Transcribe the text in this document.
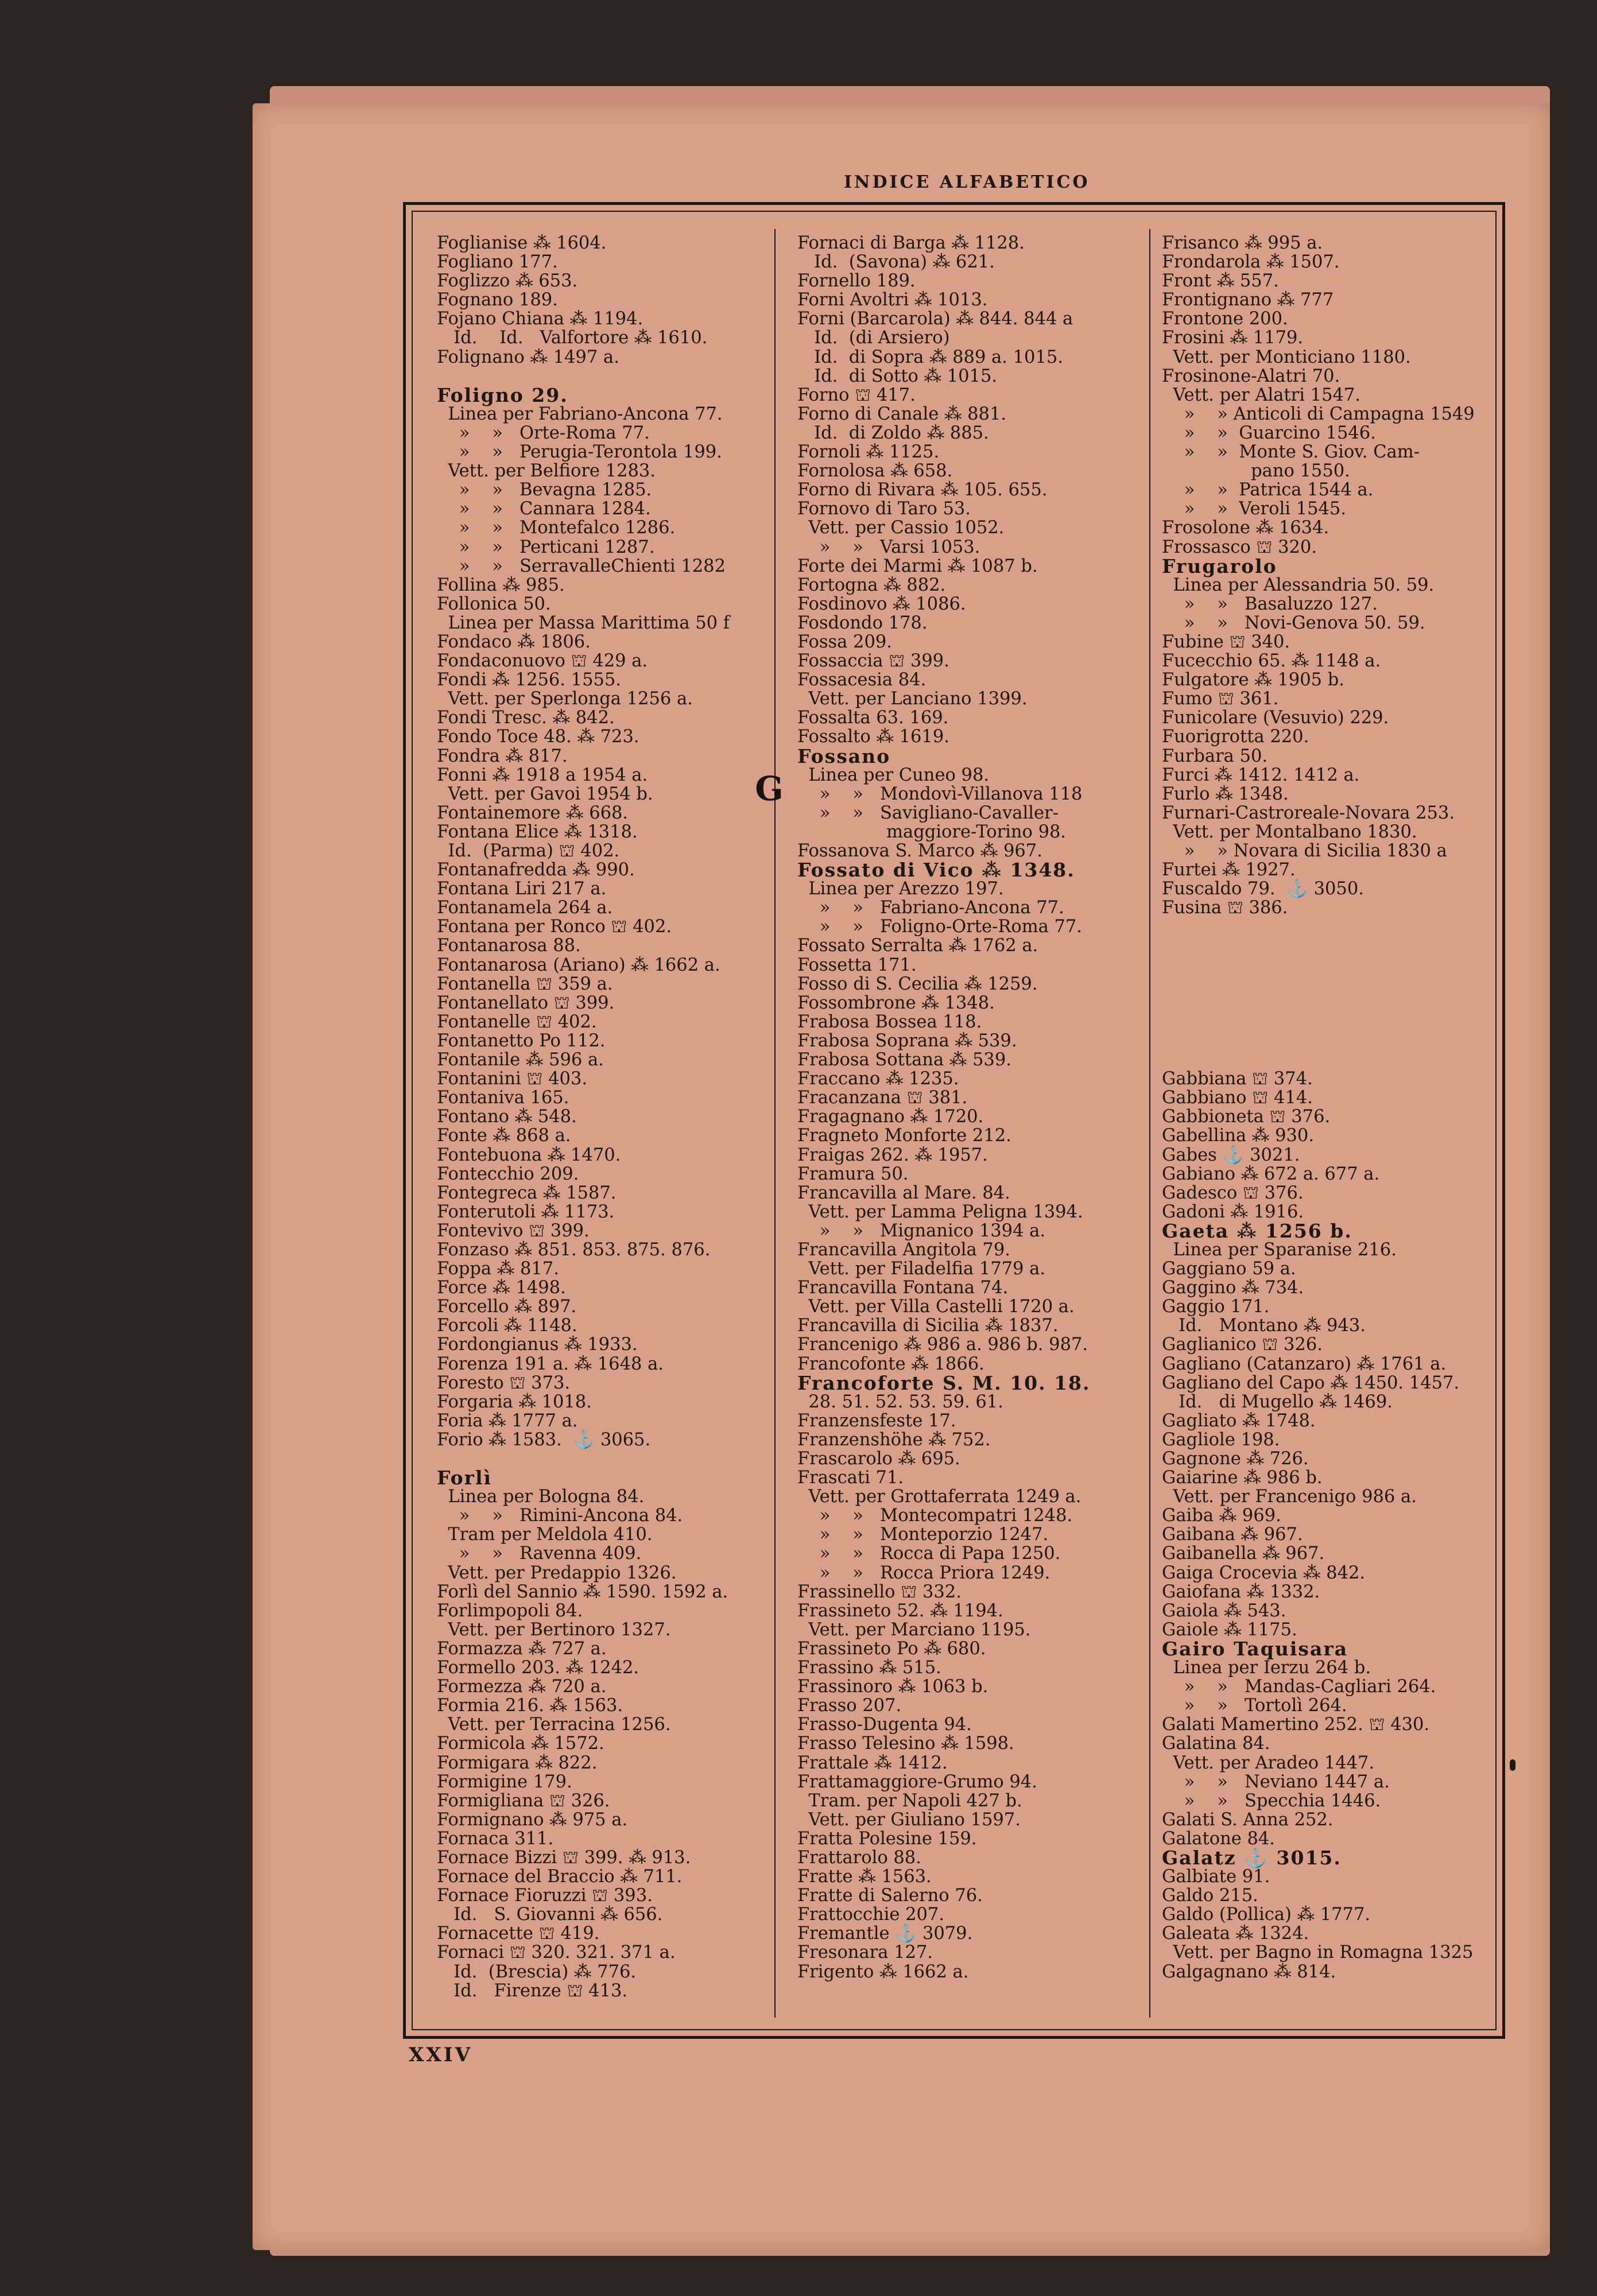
INDICE ALFABETICO
Foglianise ⁂ 1604.
Fogliano 177.
Foglizzo ⁂ 653.
Fognano 189.
Fojano Chiana ⁂ 1194.
Id.    Id.   Valfortore ⁂ 1610.
Folignano ⁂ 1497 a.
Foligno 29.
Linea per Fabriano-Ancona 77.
»    »   Orte-Roma 77.
»    »   Perugia-Terontola 199.
Vett. per Belfiore 1283.
»    »   Bevagna 1285.
»    »   Cannara 1284.
»    »   Montefalco 1286.
»    »   Perticani 1287.
»    »   SerravalleChienti 1282
Follina ⁂ 985.
Follonica 50.
Linea per Massa Marittima 50 f
Fondaco ⁂ 1806.
Fondaconuovo ⛫ 429 a.
Fondi ⁂ 1256. 1555.
Vett. per Sperlonga 1256 a.
Fondi Tresc. ⁂ 842.
Fondo Toce 48. ⁂ 723.
Fondra ⁂ 817.
Fonni ⁂ 1918 a 1954 a.
Vett. per Gavoi 1954 b.
Fontainemore ⁂ 668.
Fontana Elice ⁂ 1318.
Id.  (Parma) ⛫ 402.
Fontanafredda ⁂ 990.
Fontana Liri 217 a.
Fontanamela 264 a.
Fontana per Ronco ⛫ 402.
Fontanarosa 88.
Fontanarosa (Ariano) ⁂ 1662 a.
Fontanella ⛫ 359 a.
Fontanellato ⛫ 399.
Fontanelle ⛫ 402.
Fontanetto Po 112.
Fontanile ⁂ 596 a.
Fontanini ⛫ 403.
Fontaniva 165.
Fontano ⁂ 548.
Fonte ⁂ 868 a.
Fontebuona ⁂ 1470.
Fontecchio 209.
Fontegreca ⁂ 1587.
Fonterutoli ⁂ 1173.
Fontevivo ⛫ 399.
Fonzaso ⁂ 851. 853. 875. 876.
Foppa ⁂ 817.
Force ⁂ 1498.
Forcello ⁂ 897.
Forcoli ⁂ 1148.
Fordongianus ⁂ 1933.
Forenza 191 a. ⁂ 1648 a.
Foresto ⛫ 373.
Forgaria ⁂ 1018.
Foria ⁂ 1777 a.
Forio ⁂ 1583.  ⚓ 3065.
Forlì
Linea per Bologna 84.
»    »   Rimini-Ancona 84.
Tram per Meldola 410.
»    »   Ravenna 409.
Vett. per Predappio 1326.
Forlì del Sannio ⁂ 1590. 1592 a.
Forlimpopoli 84.
Vett. per Bertinoro 1327.
Formazza ⁂ 727 a.
Formello 203. ⁂ 1242.
Formezza ⁂ 720 a.
Formia 216. ⁂ 1563.
Vett. per Terracina 1256.
Formicola ⁂ 1572.
Formigara ⁂ 822.
Formigine 179.
Formigliana ⛫ 326.
Formignano ⁂ 975 a.
Fornaca 311.
Fornace Bizzi ⛫ 399. ⁂ 913.
Fornace del Braccio ⁂ 711.
Fornace Fioruzzi ⛫ 393.
Id.   S. Giovanni ⁂ 656.
Fornacette ⛫ 419.
Fornaci ⛫ 320. 321. 371 a.
Id.  (Brescia) ⁂ 776.
Id.   Firenze ⛫ 413.
Fornaci di Barga ⁂ 1128.
Id.  (Savona) ⁂ 621.
Fornello 189.
Forni Avoltri ⁂ 1013.
Forni (Barcarola) ⁂ 844. 844 a
Id.  (di Arsiero)
Id.  di Sopra ⁂ 889 a. 1015.
Id.  di Sotto ⁂ 1015.
Forno ⛫ 417.
Forno di Canale ⁂ 881.
Id.  di Zoldo ⁂ 885.
Fornoli ⁂ 1125.
Fornolosa ⁂ 658.
Forno di Rivara ⁂ 105. 655.
Fornovo di Taro 53.
Vett. per Cassio 1052.
»    »   Varsi 1053.
Forte dei Marmi ⁂ 1087 b.
Fortogna ⁂ 882.
Fosdinovo ⁂ 1086.
Fosdondo 178.
Fossa 209.
Fossaccia ⛫ 399.
Fossacesia 84.
Vett. per Lanciano 1399.
Fossalta 63. 169.
Fossalto ⁂ 1619.
Fossano
Linea per Cuneo 98.
»    »   Mondovì-Villanova 118
»    »   Savigliano-Cavaller-
maggiore-Torino 98.
Fossanova S. Marco ⁂ 967.
Fossato di Vico ⁂ 1348.
Linea per Arezzo 197.
»    »   Fabriano-Ancona 77.
»    »   Foligno-Orte-Roma 77.
Fossato Serralta ⁂ 1762 a.
Fossetta 171.
Fosso di S. Cecilia ⁂ 1259.
Fossombrone ⁂ 1348.
Frabosa Bossea 118.
Frabosa Soprana ⁂ 539.
Frabosa Sottana ⁂ 539.
Fraccano ⁂ 1235.
Fracanzana ⛫ 381.
Fragagnano ⁂ 1720.
Fragneto Monforte 212.
Fraigas 262. ⁂ 1957.
Framura 50.
Francavilla al Mare. 84.
Vett. per Lamma Peligna 1394.
»    »   Mignanico 1394 a.
Francavilla Angitola 79.
Vett. per Filadelfia 1779 a.
Francavilla Fontana 74.
Vett. per Villa Castelli 1720 a.
Francavilla di Sicilia ⁂ 1837.
Francenigo ⁂ 986 a. 986 b. 987.
Francofonte ⁂ 1866.
Francoforte S. M. 10. 18.
28. 51. 52. 53. 59. 61.
Franzensfeste 17.
Franzenshöhe ⁂ 752.
Frascarolo ⁂ 695.
Frascati 71.
Vett. per Grottaferrata 1249 a.
»    »   Montecompatri 1248.
»    »   Monteporzio 1247.
»    »   Rocca di Papa 1250.
»    »   Rocca Priora 1249.
Frassinello ⛫ 332.
Frassineto 52. ⁂ 1194.
Vett. per Marciano 1195.
Frassineto Po ⁂ 680.
Frassino ⁂ 515.
Frassinoro ⁂ 1063 b.
Frasso 207.
Frasso-Dugenta 94.
Frasso Telesino ⁂ 1598.
Frattale ⁂ 1412.
Frattamaggiore-Grumo 94.
Tram. per Napoli 427 b.
Vett. per Giuliano 1597.
Fratta Polesine 159.
Frattarolo 88.
Fratte ⁂ 1563.
Fratte di Salerno 76.
Frattocchie 207.
Fremantle ⚓ 3079.
Fresonara 127.
Frigento ⁂ 1662 a.
Frisanco ⁂ 995 a.
Frondarola ⁂ 1507.
Front ⁂ 557.
Frontignano ⁂ 777
Frontone 200.
Frosini ⁂ 1179.
Vett. per Monticiano 1180.
Frosinone-Alatri 70.
Vett. per Alatri 1547.
»    » Anticoli di Campagna 1549
»    »  Guarcino 1546.
»    »  Monte S. Giov. Cam-
pano 1550.
»    »  Patrica 1544 a.
»    »  Veroli 1545.
Frosolone ⁂ 1634.
Frossasco ⛫ 320.
Frugarolo
Linea per Alessandria 50. 59.
»    »   Basaluzzo 127.
»    »   Novi-Genova 50. 59.
Fubine ⛫ 340.
Fucecchio 65. ⁂ 1148 a.
Fulgatore ⁂ 1905 b.
Fumo ⛫ 361.
Funicolare (Vesuvio) 229.
Fuorigrotta 220.
Furbara 50.
Furci ⁂ 1412. 1412 a.
Furlo ⁂ 1348.
Furnari-Castroreale-Novara 253.
Vett. per Montalbano 1830.
»    » Novara di Sicilia 1830 a
Furtei ⁂ 1927.
Fuscaldo 79.  ⚓ 3050.
Fusina ⛫ 386.
Gabbiana ⛫ 374.
Gabbiano ⛫ 414.
Gabbioneta ⛫ 376.
Gabellina ⁂ 930.
Gabes ⚓ 3021.
Gabiano ⁂ 672 a. 677 a.
Gadesco ⛫ 376.
Gadoni ⁂ 1916.
Gaeta ⁂ 1256 b.
Linea per Sparanise 216.
Gaggiano 59 a.
Gaggino ⁂ 734.
Gaggio 171.
Id.   Montano ⁂ 943.
Gaglianico ⛫ 326.
Gagliano (Catanzaro) ⁂ 1761 a.
Gagliano del Capo ⁂ 1450. 1457.
Id.   di Mugello ⁂ 1469.
Gagliato ⁂ 1748.
Gagliole 198.
Gagnone ⁂ 726.
Gaiarine ⁂ 986 b.
Vett. per Francenigo 986 a.
Gaiba ⁂ 969.
Gaibana ⁂ 967.
Gaibanella ⁂ 967.
Gaiga Crocevia ⁂ 842.
Gaiofana ⁂ 1332.
Gaiola ⁂ 543.
Gaiole ⁂ 1175.
Gairo Taquisara
Linea per Ierzu 264 b.
»    »   Mandas-Cagliari 264.
»    »   Tortolì 264.
Galati Mamertino 252. ⛫ 430.
Galatina 84.
Vett. per Aradeo 1447.
»    »   Neviano 1447 a.
»    »   Specchia 1446.
Galati S. Anna 252.
Galatone 84.
Galatz ⚓ 3015.
Galbiate 91.
Galdo 215.
Galdo (Pollica) ⁂ 1777.
Galeata ⁂ 1324.
Vett. per Bagno in Romagna 1325
Galgagnano ⁂ 814.
G
XXIV
